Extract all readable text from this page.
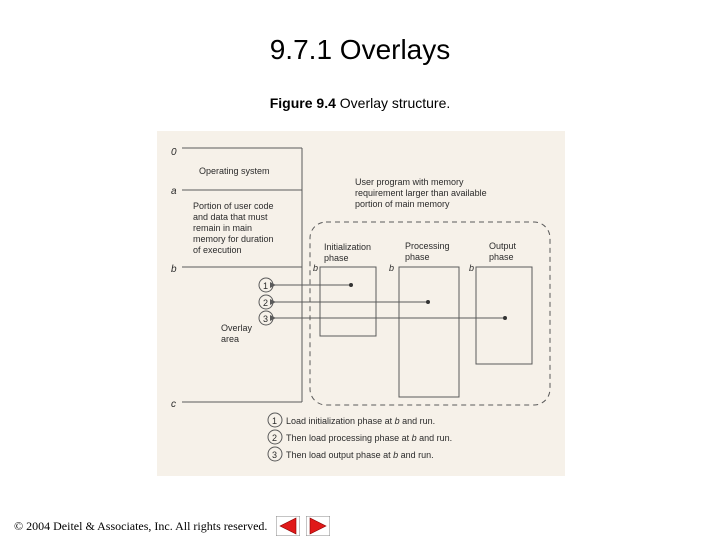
9.7.1 Overlays
Figure 9.4 Overlay structure.
0
a
b
c
Operating system
Portion of user code and data that must remain in main memory for duration of execution
Overlay area
User program with memory requirement larger than available portion of main memory
Initialization phase
Processing phase
Output phase
b	b	b
1
2
3
1 Load initialization phase at b and run.
2 Then load processing phase at b and run.
3 Then load output phase at b and run.
© 2004 Deitel & Associates, Inc. All rights reserved.
